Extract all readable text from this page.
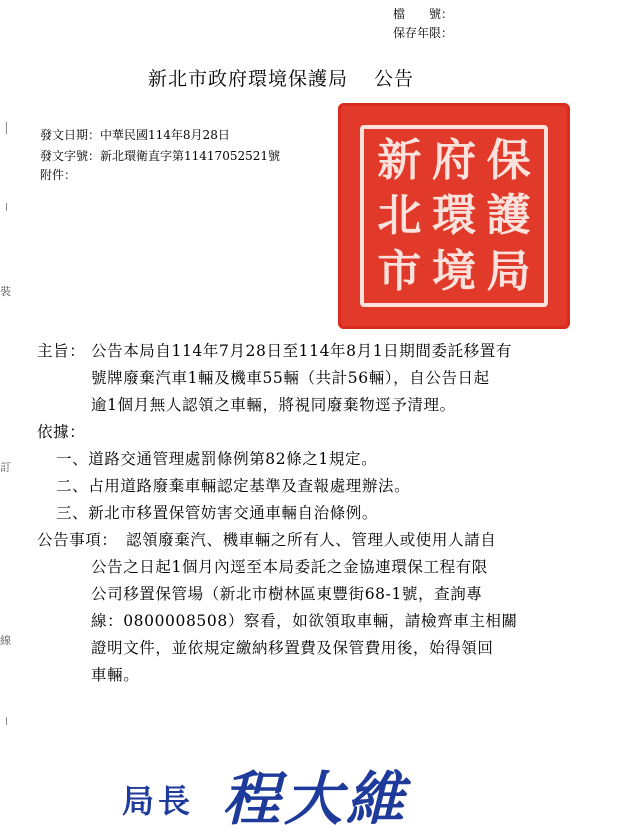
檔　　號：
保存年限：
新北市政府環境保護局 公告
裝
訂
線
發文日期：中華民國114年8月28日
發文字號：新北環衛直字第11417052521號
附件：	新 府 保
北 環 護
市 境 局
主旨： 公告本局自114年7月28日至114年8月1日期間委託移置有
號牌廢棄汽車1輛及機車55輛（共計56輛），自公告日起
逾1個月無人認領之車輛，將視同廢棄物逕予清理。
依據：
一、道路交通管理處罰條例第82條之1規定。
二、占用道路廢棄車輛認定基準及查報處理辦法。
三、新北市移置保管妨害交通車輛自治條例。
公告事項： 認領廢棄汽、機車輛之所有人、管理人或使用人請自
公告之日起1個月內逕至本局委託之金協連環保工程有限
公司移置保管場（新北市樹林區東豐街68-1號，查詢專
線：0800008508）察看，如欲領取車輛，請檢齊車主相關
證明文件，並依規定繳納移置費及保管費用後，始得領回
車輛。
局長 程大維
